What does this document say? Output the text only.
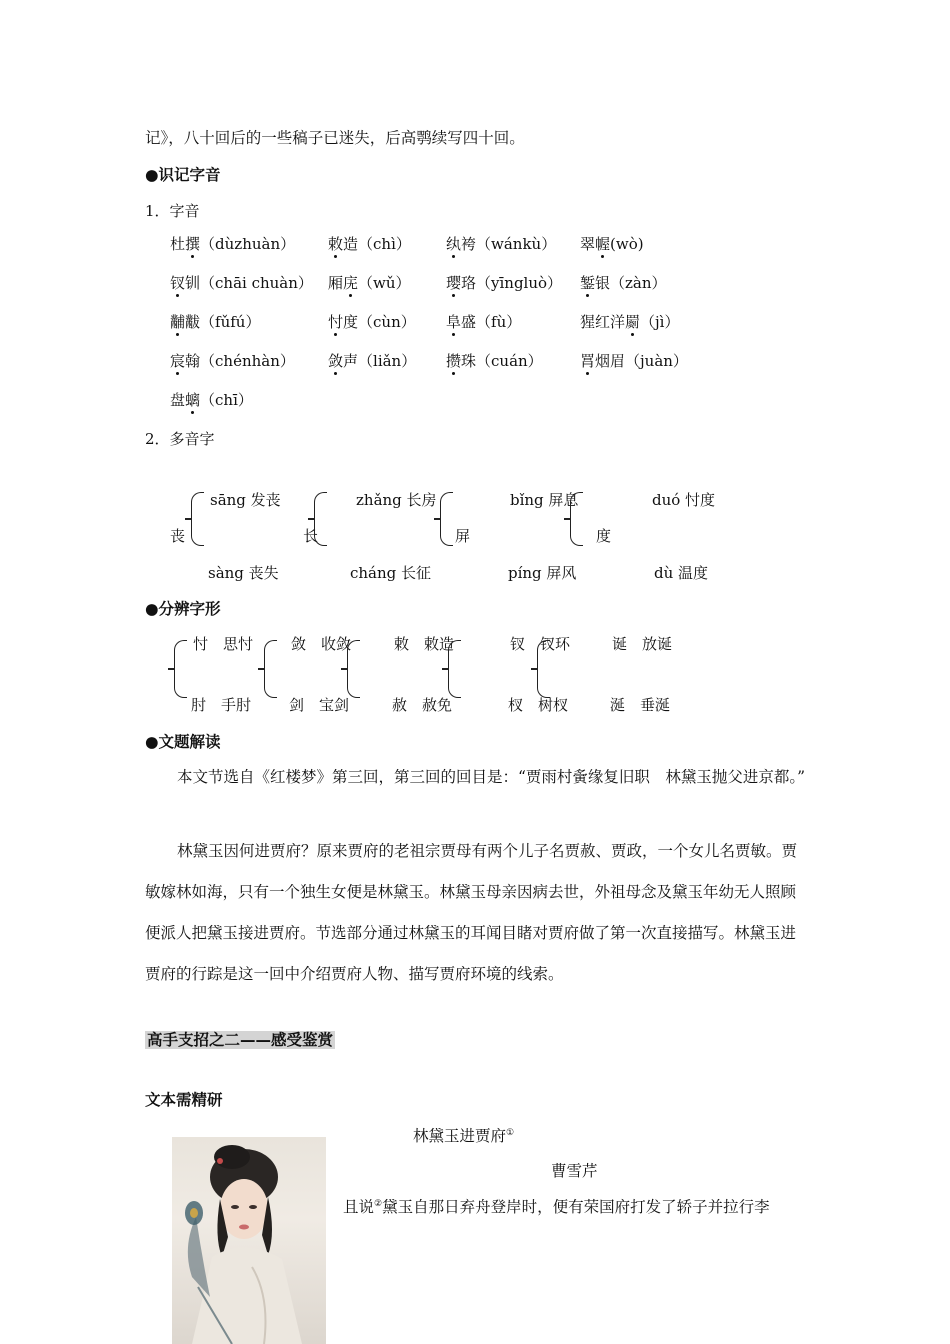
记》，八十回后的一些稿子已迷失，后高鹗续写四十回。
●识记字音
1．字音
杜撰（dùzhuàn） 敕造（chì） 纨袴（wánkù） 翠幄(wò)
钗钏（chāi chuàn） 厢庑（wǔ） 璎珞（yīngluò） 錾银（zàn）
黼黻（fǔfú）	忖度（cùn） 阜盛（fù）	猩红洋罽（jì）
宸翰（chénhàn） 敛声（liǎn） 攒珠（cuán） 罥烟眉（juàn）
盘螭（chī）
2．多音字
丧
sāng 发丧
sàng 丧失
长
zhǎng 长房
cháng 长征
屏
bǐng 屏息
píng 屏风
度
duó 忖度
dù 温度
●分辨字形
忖　思忖
肘　手肘
敛　收敛
剑　宝剑
敕　敕造
赦　赦免
钗　钗环
杈　树杈
诞　放诞
涎　垂涎
●文题解读
本文节选自《红楼梦》第三回，第三回的回目是：“贾雨村夤缘复旧职　林黛玉抛父进京都。”
林黛玉因何进贾府？原来贾府的老祖宗贾母有两个儿子名贾赦、贾政，一个女儿名贾敏。贾敏嫁林如海，只有一个独生女便是林黛玉。林黛玉母亲因病去世，外祖母念及黛玉年幼无人照顾便派人把黛玉接进贾府。节选部分通过林黛玉的耳闻目睹对贾府做了第一次直接描写。林黛玉进贾府的行踪是这一回中介绍贾府人物、描写贾府环境的线索。
高手支招之二——感受鉴赏
文本需精研
林黛玉进贾府①
曹雪芹
且说②黛玉自那日弃舟登岸时，便有荣国府打发了轿子并拉行李
